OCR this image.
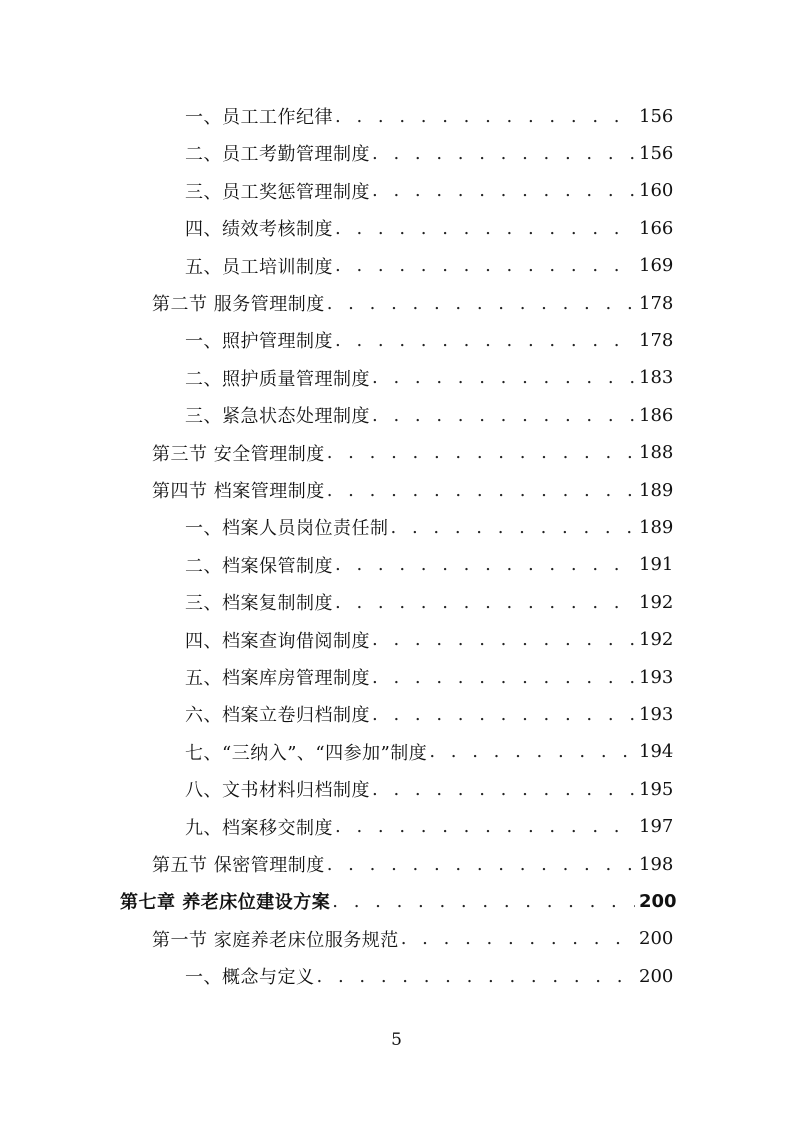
一、员工工作纪律 . . .	156
二、员工考勤管理制度 . . .	156
三、员工奖惩管理制度 . . .	160
四、绩效考核制度 . . .	166
五、员工培训制度 . . .	169
第二节 服务管理制度 . . .	178
一、照护管理制度 . . .	178
二、照护质量管理制度 . . .	183
三、紧急状态处理制度 . . .	186
第三节 安全管理制度 . . .	188
第四节 档案管理制度 . . .	189
一、档案人员岗位责任制 . . .	189
二、档案保管制度 . . .	191
三、档案复制制度 . . .	192
四、档案查询借阅制度 . . .	192
五、档案库房管理制度 . . .	193
六、档案立卷归档制度 . . .	193
七、“三纳入”、“四参加”制度 . . .	194
八、文书材料归档制度 . . .	195
九、档案移交制度 . . .	197
第五节 保密管理制度 . . .	198
第七章 养老床位建设方案 . . .	200
第一节 家庭养老床位服务规范 . . .	200
一、概念与定义 . . .	200
5
